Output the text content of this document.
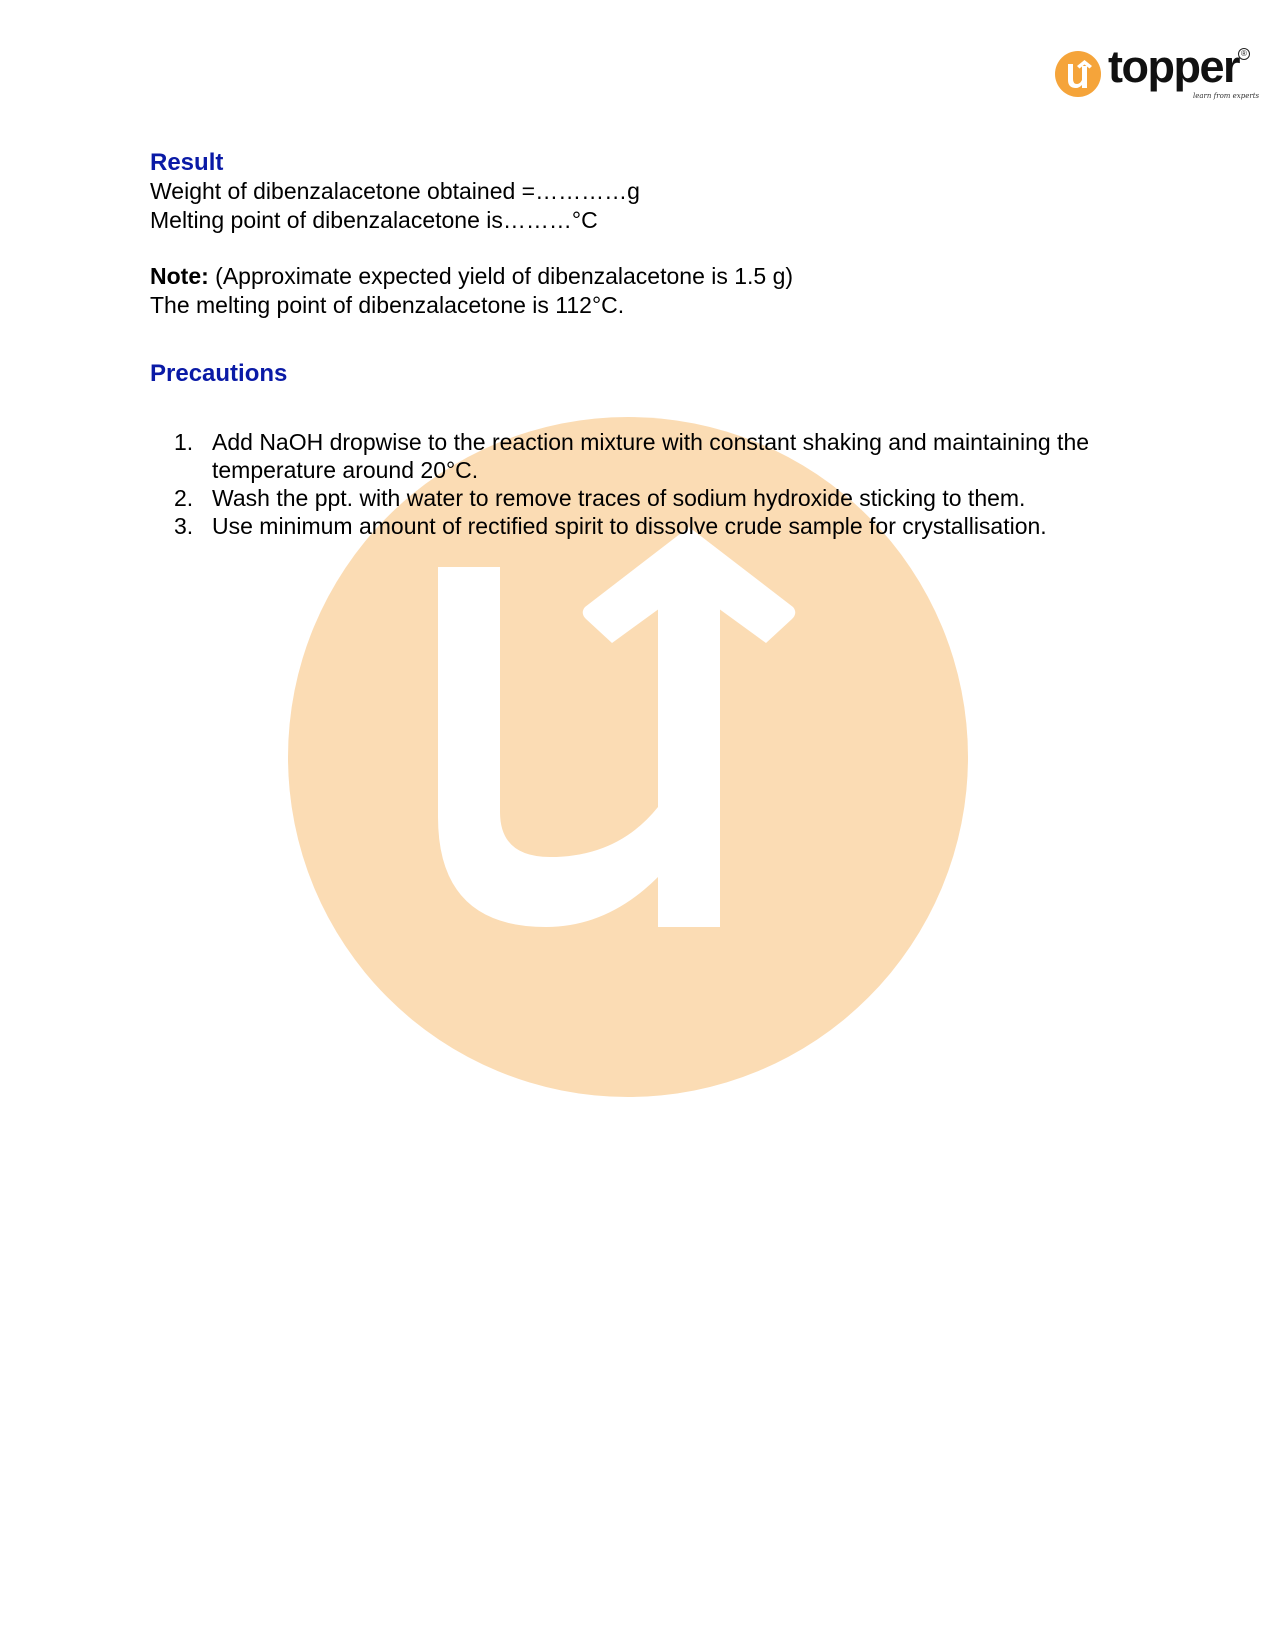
topper ®
learn from experts
Result

Weight of dibenzalacetone obtained =…………g

Melting point of dibenzalacetone is………°C

Note: (Approximate expected yield of dibenzalacetone is 1.5 g)

The melting point of dibenzalacetone is 112°C.

Precautions
1. Add NaOH dropwise to the reaction mixture with constant shaking and maintaining the temperature around 20°C.
2. Wash the ppt. with water to remove traces of sodium hydroxide sticking to them.
3. Use minimum amount of rectified spirit to dissolve crude sample for crystallisation.
